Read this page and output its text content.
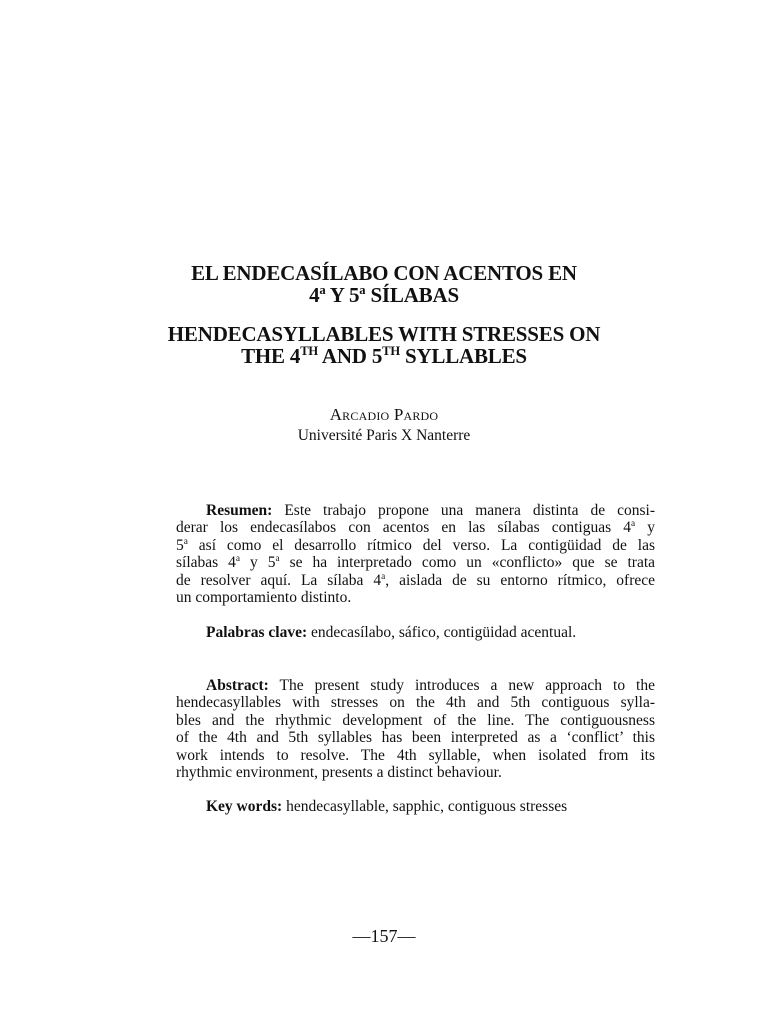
EL ENDECASÍLABO CON ACENTOS EN
4$^a$ Y 5$^a$ SÍLABAS
HENDECASYLLABLES WITH STRESSES ON
THE 4TH AND 5TH SYLLABLES
Arcadio Pardo
Université Paris X Nanterre
Resumen: Este trabajo propone una manera distinta de consi-
derar los endecasílabos con acentos en las sílabas contiguas 4$^a$ y
5$^a$ así como el desarrollo rítmico del verso. La contigüidad de las
sílabas 4$^a$ y 5$^a$ se ha interpretado como un «conflicto» que se trata
de resolver aquí. La sílaba 4$^a$, aislada de su entorno rítmico, ofrece
un comportamiento distinto.
Palabras clave: endecasílabo, sáfico, contigüidad acentual.
Abstract: The present study introduces a new approach to the
hendecasyllables with stresses on the 4th and 5th contiguous sylla-
bles and the rhythmic development of the line. The contiguousness
of the 4th and 5th syllables has been interpreted as a ‘conflict’ this
work intends to resolve. The 4th syllable, when isolated from its
rhythmic environment, presents a distinct behaviour.
Key words: hendecasyllable, sapphic, contiguous stresses
—157—
